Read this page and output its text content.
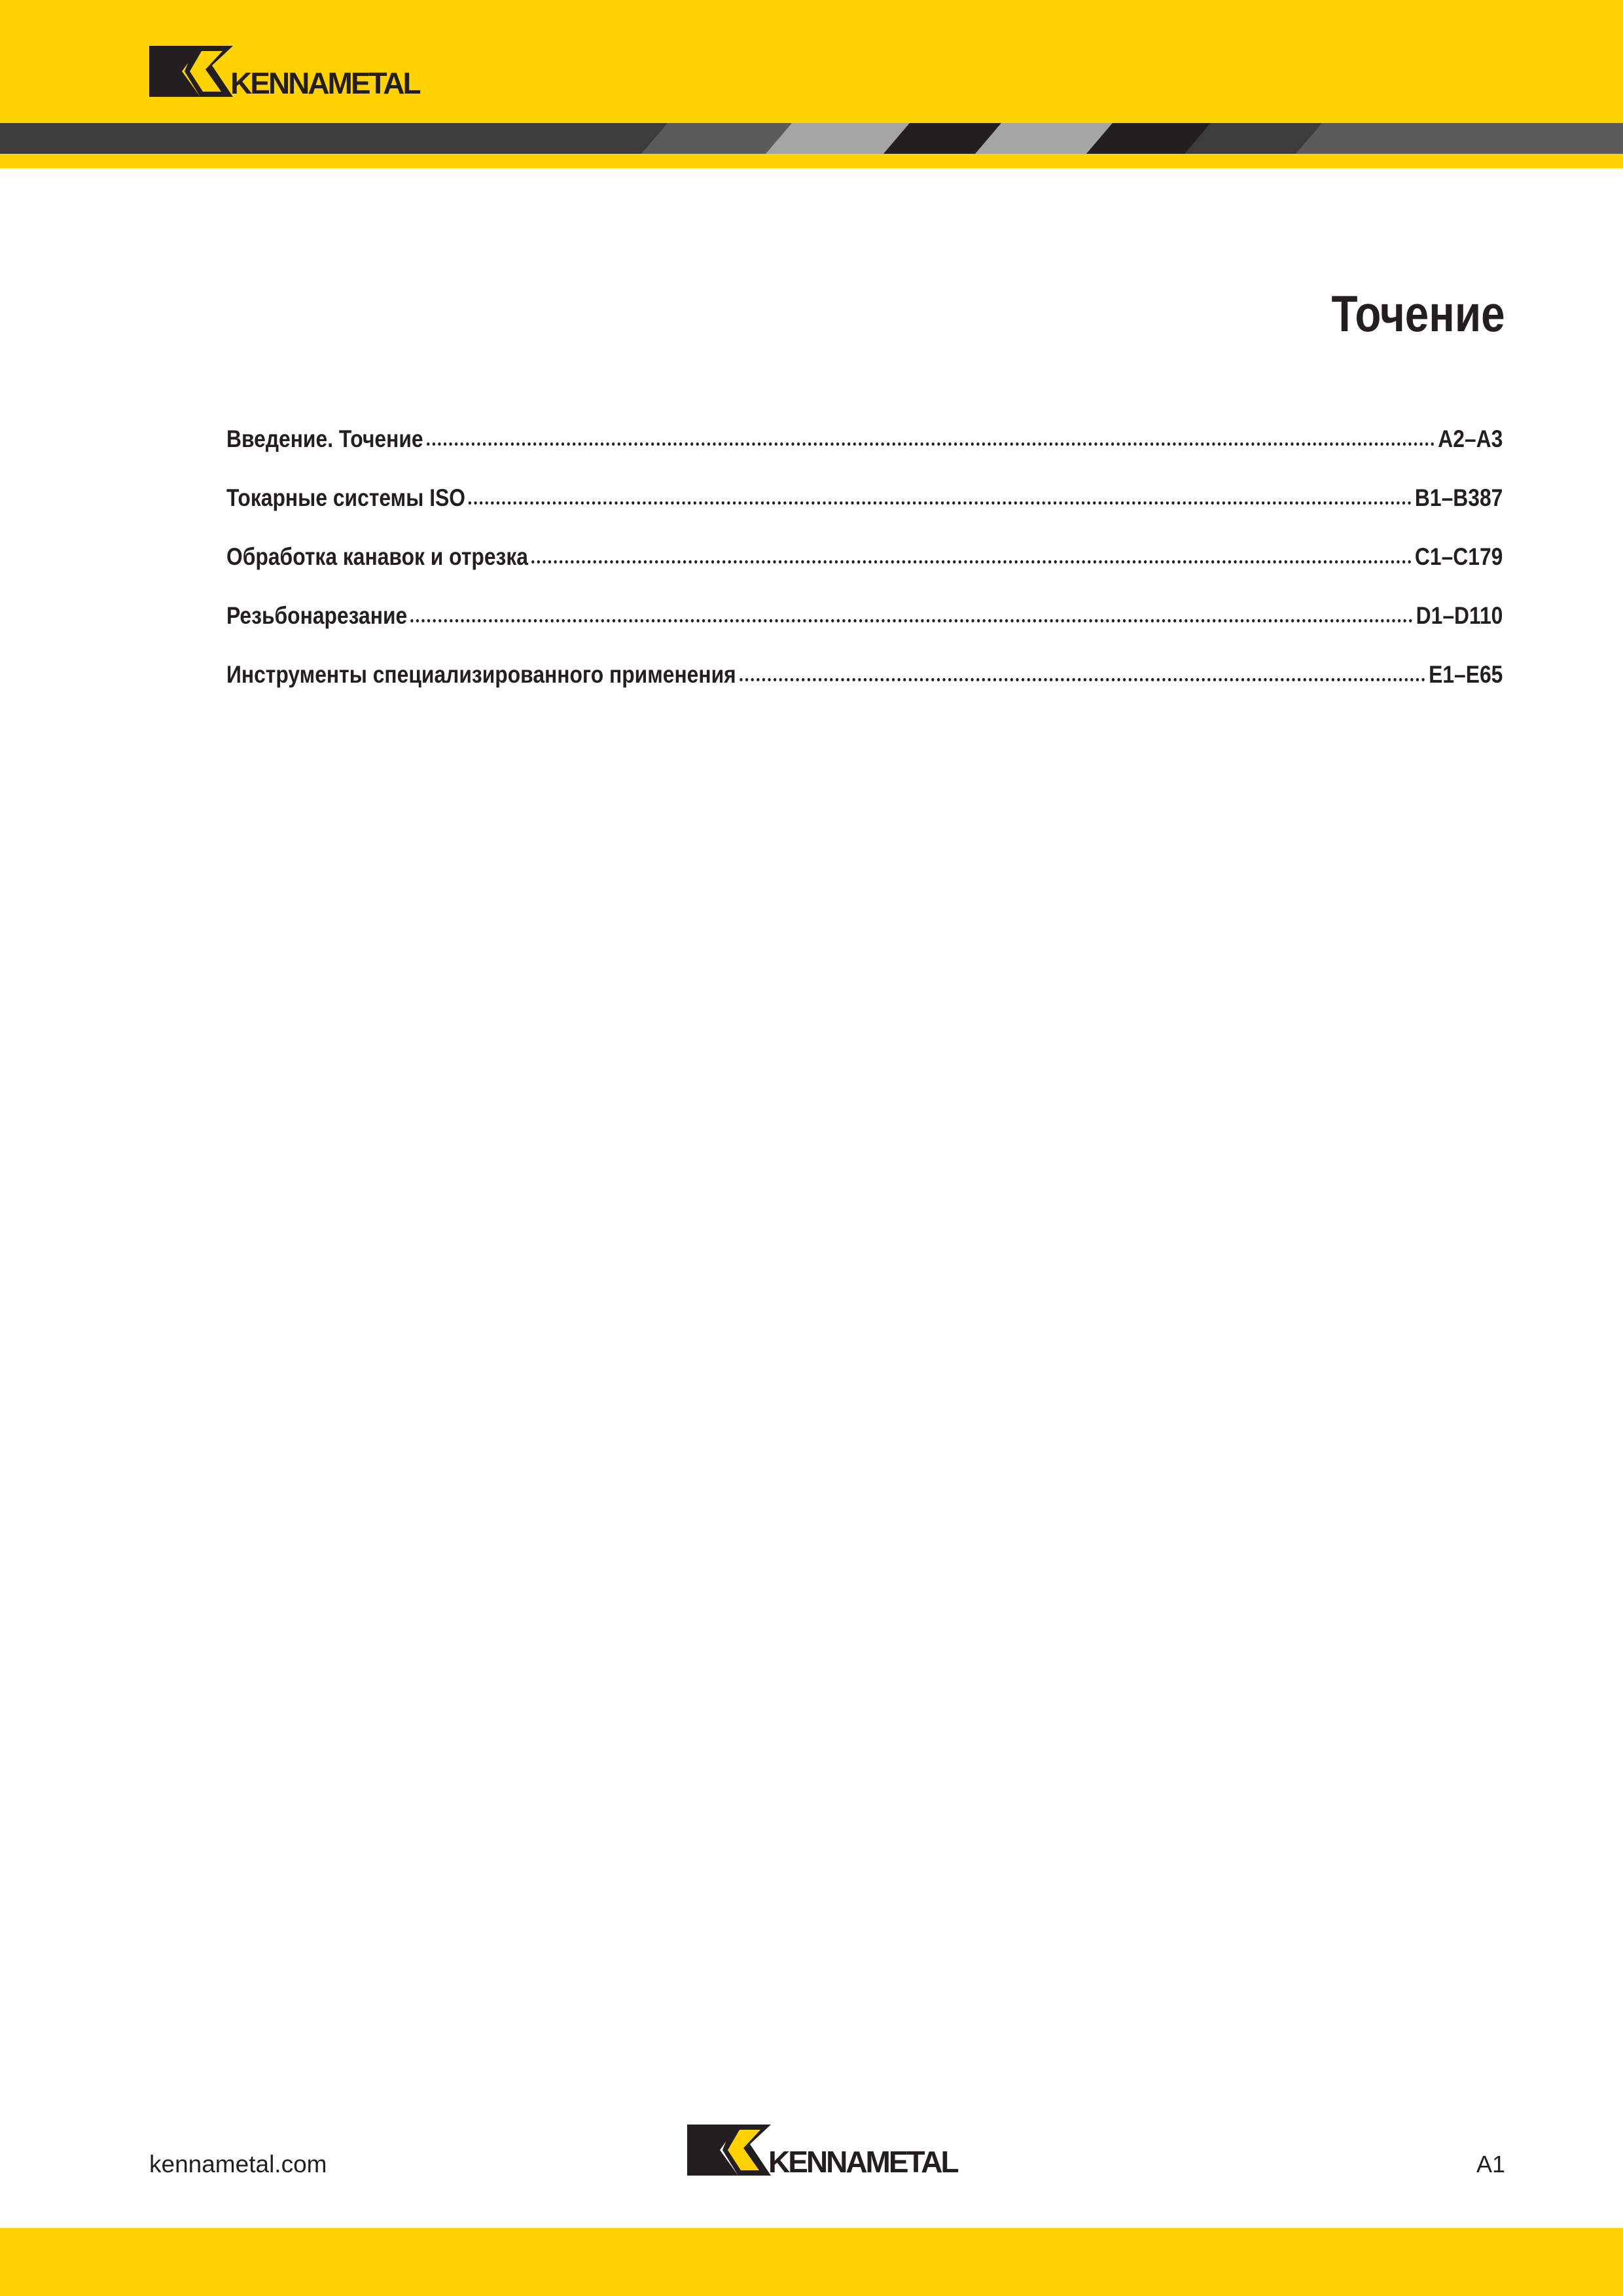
KENNAMETAL
Точение
Введение. Точение	A2–A3
Токарные системы ISO	B1–B387
Обработка канавок и отрезка	C1–C179
Резьбонарезание	D1–D110
Инструменты специализированного применения	E1–E65
kennametal.com	KENNAMETAL	A1
